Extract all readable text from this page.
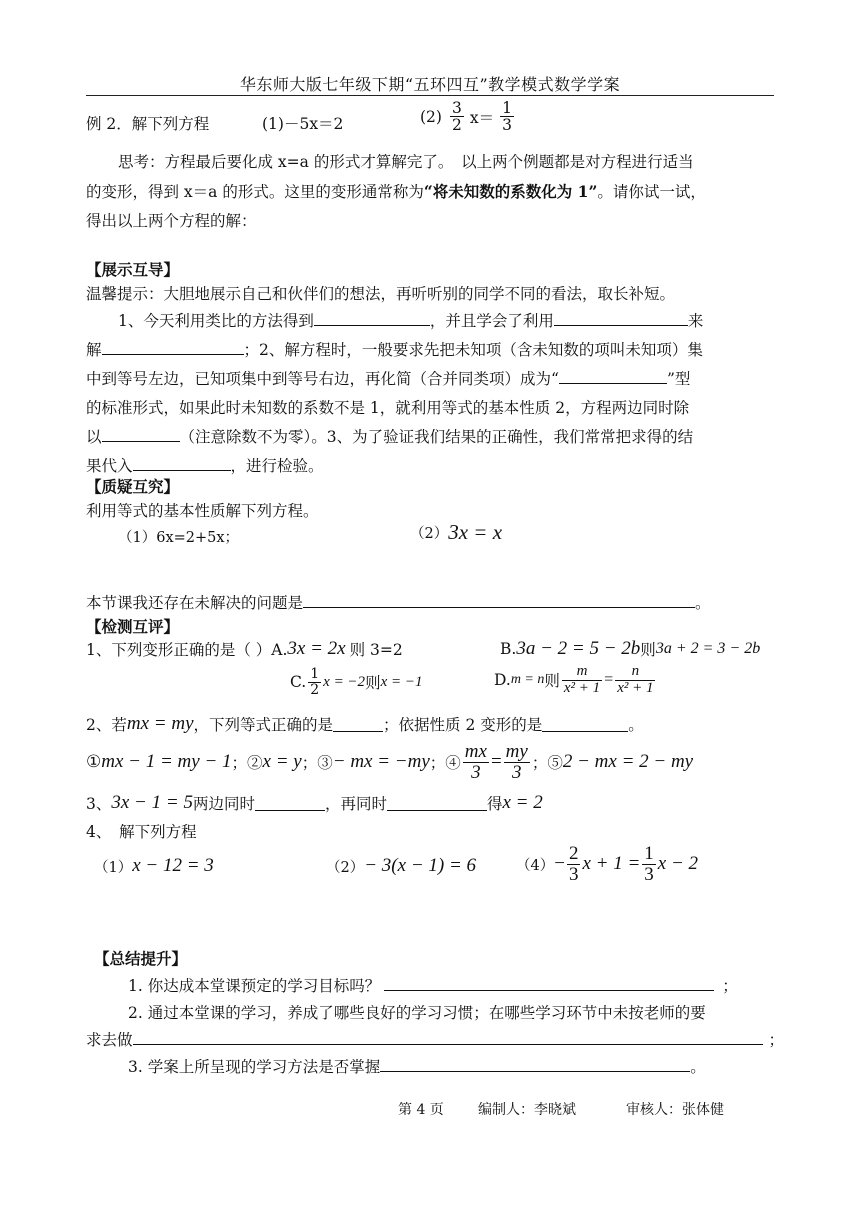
华东师大版七年级下期“五环四互”教学模式数学学案
例 2．解下列方程	(1)－5x＝2	$(2) \frac{3}{2} x= \frac{1}{3}$
思考：方程最后要化成 x=a 的形式才算解完了。　以上两个例题都是对方程进行适当
的变形，得到 x＝a 的形式。这里的变形通常称为“将未知数的系数化为 1”。请你试一试，
得出以上两个方程的解：
【展示互导】
温馨提示：大胆地展示自己和伙伴们的想法，再听听别的同学不同的看法，取长补短。
1、今天利用类比的方法得到	，并且学会了利用	来
解	；2、解方程时，一般要求先把未知项（含未知数的项叫未知项）集
中到等号左边，已知项集中到等号右边，再化简（合并同类项）成为“	”型
的标准形式，如果此时未知数的系数不是 1，就利用等式的基本性质 2，方程两边同时除
以	（注意除数不为零）。3、为了验证我们结果的正确性，我们常常把求得的结
果代入	，进行检验。
【质疑互究】
利用等式的基本性质解下列方程。
（1）6x=2+5x；	（2） 3x = x
本节课我还存在未解决的问题是	。
【检测互评】
1、下列变形正确的是（ ）A. 3x = 2x 则 3=2	B. 3a − 2 = 5 − 2b 则 3a + 2 = 3 − 2b
C. $\frac{1}{2}$ x = −2 则 x = −1	D. m = n 则 $\frac{m}{\text{x² + 1}} = \frac{n}{\text{x² + 1}}$
2、若 mx = my ，下列等式正确的是	；依据性质 2 变形的是	。
① mx − 1 = my − 1 ；② x = y ；③ − mx = −my ；④ $\frac{mx}{3} = \frac{my}{3}$ ；⑤ 2 − mx = 2 − my
3、 3x − 1 = 5 两边同时	，再同时	得 x = 2
4、　解下列方程
（1） x − 12 = 3	（2） − 3(x − 1) = 6	$(4) - \frac{2}{3}$ $x + 1 = \frac{1}{3}$ x − 2
【总结提升】
1. 你达成本堂课预定的学习目标吗？	；
2. 通过本堂课的学习，养成了哪些良好的学习习惯；在哪些学习环节中未按老师的要
求去做	；
3. 学案上所呈现的学习方法是否掌握	。
第 4 页 编制人：李晓斌	审核人：张体健
